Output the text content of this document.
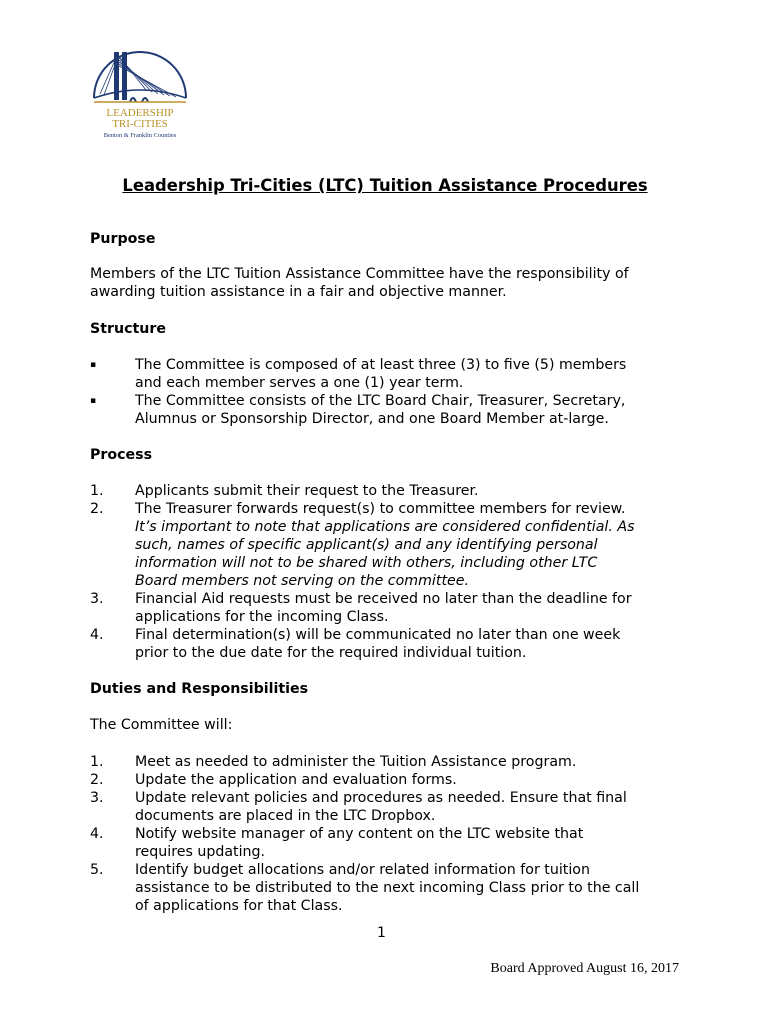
LEADERSHIP
TRI-CITIES
Benton & Franklin Counties
Leadership Tri-Cities (LTC) Tuition Assistance Procedures
Purpose
Members of the LTC Tuition Assistance Committee have the responsibility of
awarding tuition assistance in a fair and objective manner.
Structure
▪	The Committee is composed of at least three (3) to five (5) members
and each member serves a one (1) year term.
▪	The Committee consists of the LTC Board Chair, Treasurer, Secretary,
Alumnus or Sponsorship Director, and one Board Member at-large.
Process
1.	Applicants submit their request to the Treasurer.
2.	The Treasurer forwards request(s) to committee members for review.
It’s important to note that applications are considered confidential. As
such, names of specific applicant(s) and any identifying personal
information will not to be shared with others, including other LTC
Board members not serving on the committee.
3.	Financial Aid requests must be received no later than the deadline for
applications for the incoming Class.
4.	Final determination(s) will be communicated no later than one week
prior to the due date for the required individual tuition.
Duties and Responsibilities
The Committee will:
1.	Meet as needed to administer the Tuition Assistance program.
2.	Update the application and evaluation forms.
3.	Update relevant policies and procedures as needed. Ensure that final
documents are placed in the LTC Dropbox.
4.	Notify website manager of any content on the LTC website that
requires updating.
5.	Identify budget allocations and/or related information for tuition
assistance to be distributed to the next incoming Class prior to the call
of applications for that Class.
1
Board Approved August 16, 2017
